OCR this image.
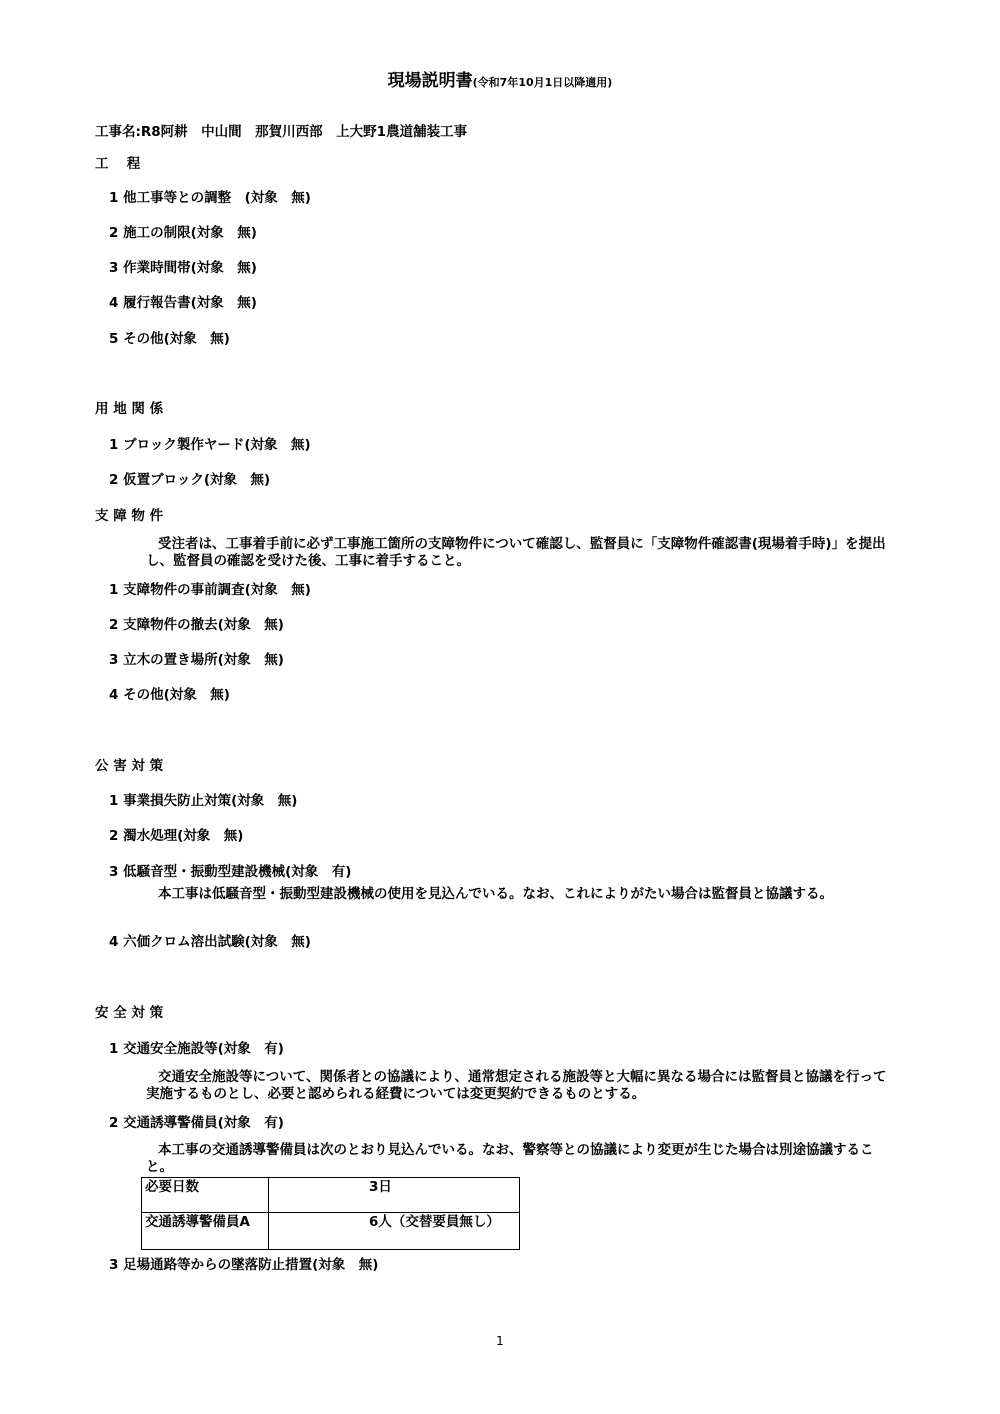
現場説明書(令和7年10月1日以降適用)
工事名:R8阿耕　中山間　那賀川西部　上大野1農道舗装工事
工　 程
1 他工事等との調整　(対象　無)
2 施工の制限(対象　無)
3 作業時間帯(対象　無)
4 履行報告書(対象　無)
5 その他(対象　無)
用 地 関 係
1 ブロック製作ヤード(対象　無)
2 仮置ブロック(対象　無)
支 障 物 件
受注者は、工事着手前に必ず工事施工箇所の支障物件について確認し、監督員に「支障物件確認書(現場着手時)」を提出し、監督員の確認を受けた後、工事に着手すること。
1 支障物件の事前調査(対象　無)
2 支障物件の撤去(対象　無)
3 立木の置き場所(対象　無)
4 その他(対象　無)
公 害 対 策
1 事業損失防止対策(対象　無)
2 濁水処理(対象　無)
3 低騒音型・振動型建設機械(対象　有)
本工事は低騒音型・振動型建設機械の使用を見込んでいる。なお、これによりがたい場合は監督員と協議する。
4 六価クロム溶出試験(対象　無)
安 全 対 策
1 交通安全施設等(対象　有)
交通安全施設等について、関係者との協議により、通常想定される施設等と大幅に異なる場合には監督員と協議を行って実施するものとし、必要と認められる経費については変更契約できるものとする。
2 交通誘導警備員(対象　有)
本工事の交通誘導警備員は次のとおり見込んでいる。なお、警察等との協議により変更が生じた場合は別途協議すること。
必要日数	3日
交通誘導警備員A	6人（交替要員無し）
3 足場通路等からの墜落防止措置(対象　無)
1
